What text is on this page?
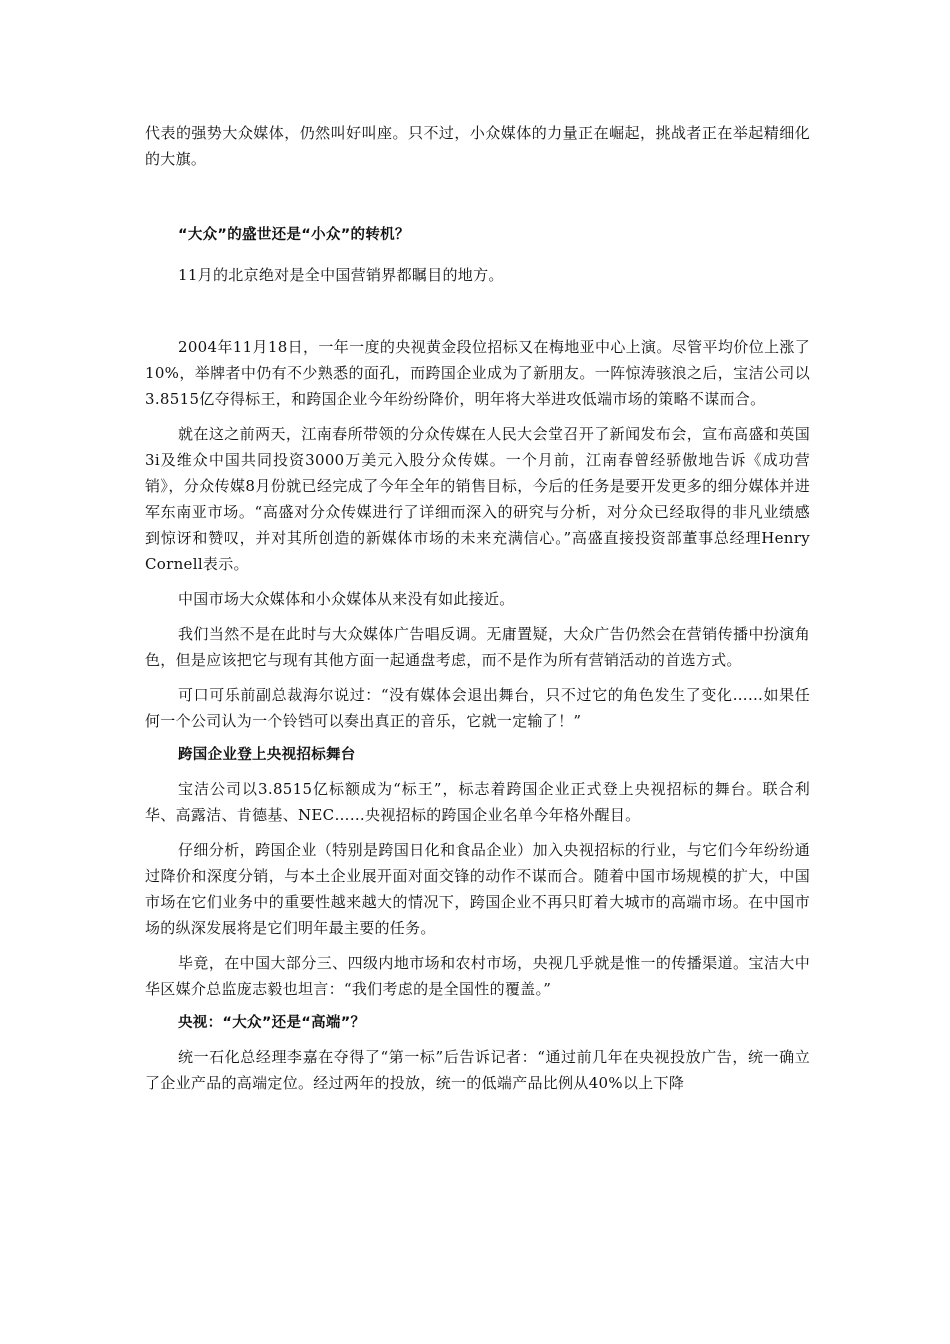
代表的强势大众媒体，仍然叫好叫座。只不过，小众媒体的力量正在崛起，挑战者正在举起精细化的大旗。

“大众”的盛世还是“小众”的转机？

11月的北京绝对是全中国营销界都瞩目的地方。

2004年11月18日，一年一度的央视黄金段位招标又在梅地亚中心上演。尽管平均价位上涨了10%，举牌者中仍有不少熟悉的面孔，而跨国企业成为了新朋友。一阵惊涛骇浪之后，宝洁公司以3.8515亿夺得标王，和跨国企业今年纷纷降价，明年将大举进攻低端市场的策略不谋而合。

就在这之前两天，江南春所带领的分众传媒在人民大会堂召开了新闻发布会，宣布高盛和英国3i及维众中国共同投资3000万美元入股分众传媒。一个月前，江南春曾经骄傲地告诉《成功营销》，分众传媒8月份就已经完成了今年全年的销售目标，今后的任务是要开发更多的细分媒体并进军东南亚市场。“高盛对分众传媒进行了详细而深入的研究与分析，对分众已经取得的非凡业绩感到惊讶和赞叹，并对其所创造的新媒体市场的未来充满信心。”高盛直接投资部董事总经理Henry Cornell表示。

中国市场大众媒体和小众媒体从来没有如此接近。

我们当然不是在此时与大众媒体广告唱反调。无庸置疑，大众广告仍然会在营销传播中扮演角色，但是应该把它与现有其他方面一起通盘考虑，而不是作为所有营销活动的首选方式。

可口可乐前副总裁海尔说过：“没有媒体会退出舞台，只不过它的角色发生了变化……如果任何一个公司认为一个铃铛可以奏出真正的音乐，它就一定输了！”

跨国企业登上央视招标舞台

宝洁公司以3.8515亿标额成为“标王”，标志着跨国企业正式登上央视招标的舞台。联合利华、高露洁、肯德基、NEC……央视招标的跨国企业名单今年格外醒目。

仔细分析，跨国企业（特别是跨国日化和食品企业）加入央视招标的行业，与它们今年纷纷通过降价和深度分销，与本土企业展开面对面交锋的动作不谋而合。随着中国市场规模的扩大，中国市场在它们业务中的重要性越来越大的情况下，跨国企业不再只盯着大城市的高端市场。在中国市场的纵深发展将是它们明年最主要的任务。

毕竟，在中国大部分三、四级内地市场和农村市场，央视几乎就是惟一的传播渠道。宝洁大中华区媒介总监庞志毅也坦言：“我们考虑的是全国性的覆盖。”

央视：“大众”还是“高端”？

统一石化总经理李嘉在夺得了“第一标”后告诉记者：“通过前几年在央视投放广告，统一确立了企业产品的高端定位。经过两年的投放，统一的低端产品比例从40%以上下降
